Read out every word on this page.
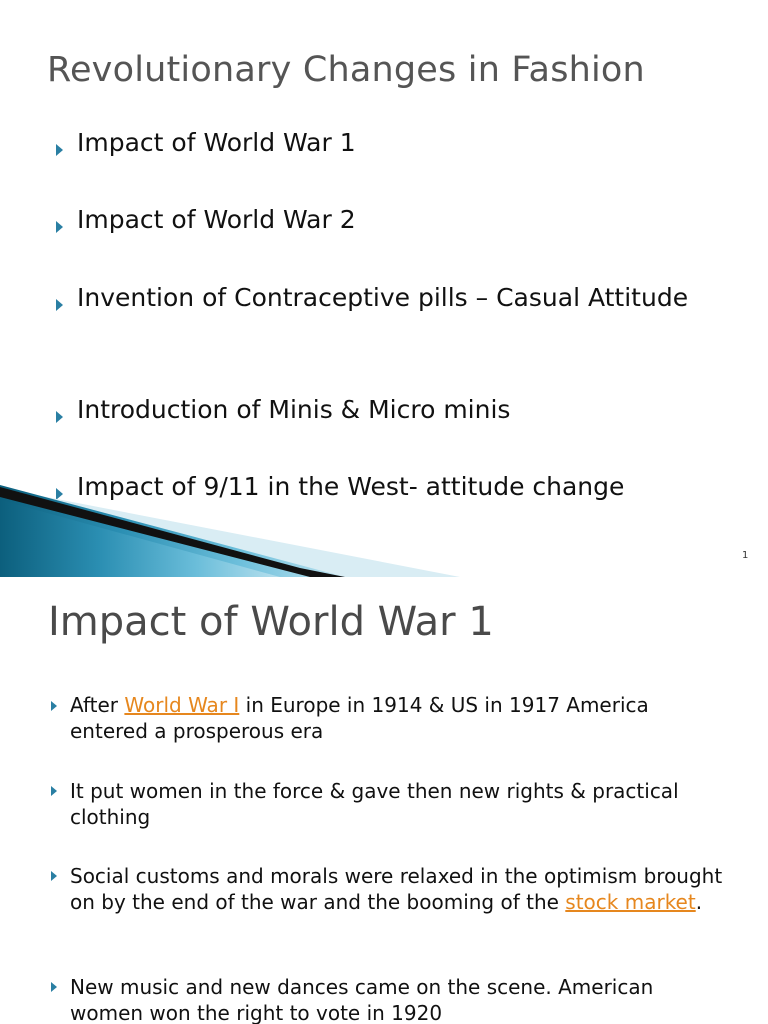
Revolutionary Changes in Fashion
Impact of World War 1
Impact of World War 2
Invention of Contraceptive pills – Casual Attitude
Introduction of Minis & Micro minis
Impact of 9/11 in the West- attitude change
1
Impact of World War 1
After World War I in Europe in 1914 & US in 1917 America entered a prosperous era
It put women in the force & gave then new rights & practical clothing
Social customs and morals were relaxed in the optimism brought on by the end of the war and the booming of the stock market.
New music and new dances came on the scene. American women won the right to vote in 1920
